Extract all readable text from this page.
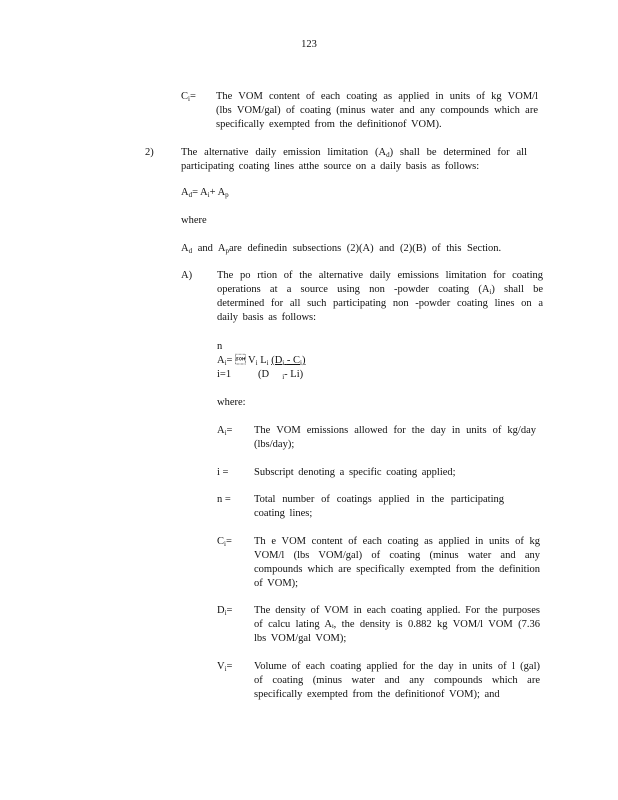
123
$C_i=$ The VOM content of each coating as applied in units of kg VOM/l (lbs VOM/gal) of coating (minus water and any compounds which are specifically exempted from the definitionof VOM).
2)	The alternative daily emission limitation $(A_d)$ shall be determined for all participating coating lines atthe source on a daily basis as follows:
$A_d= A_i+ A_p$
where
$A_d$ and $A_pare$ definedin subsections (2)(A) and (2)(B) of this Section.
A) The po rtion of the alternative daily emissions limitation for coating operations at a source using non -powder coating $(A_i)$ shall be determined for all such participating non -powder coating lines on a daily basis as follows:
n
$A_i=$  $V_i$ $L_i$ $(D_i - C_i)$
i=1	(D $_i$- Li)
where:
$A_i=$ The VOM emissions allowed for the day in units of kg/day (lbs/day);
i = Subscript denoting a specific coating applied;
n = Total number of coatings applied in the participating coating lines;
$C_i= Th$ e VOM content of each coating as applied in units of kg VOM/l (lbs VOM/gal) of coating (minus water and any compounds which are specifically exempted from the definition of VOM);
$D_i=$ The density of VOM in each coating applied. For the purposes of calcu lating Aᵢ, the density is 0.882 kg VOM/l VOM (7.36 lbs VOM/gal VOM);
$V_i=$ Volume of each coating applied for the day in units of l (gal) of coating (minus water and any compounds which are specifically exempted from the definitionof VOM); and
